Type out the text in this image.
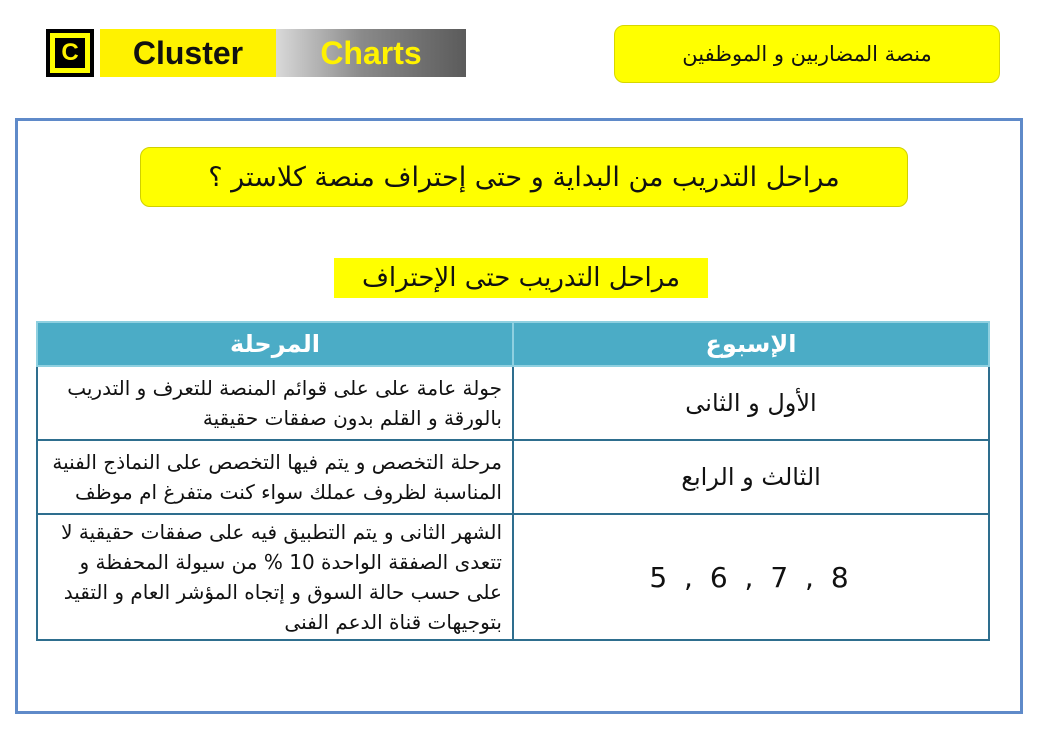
C	Cluster	Charts	منصة المضاربين و الموظفين
مراحل التدريب من البداية و حتى إحتراف منصة كلاستر ؟
مراحل التدريب حتى الإحتراف
الإسبوع	المرحلة
الأول و الثانى	جولة عامة على على قوائم المنصة للتعرف و التدريب بالورقة و القلم بدون صفقات حقيقية
الثالث و الرابع	مرحلة التخصص و يتم فيها التخصص على النماذج الفنية المناسبة لظروف عملك سواء كنت متفرغ ام موظف
5 , 6 , 7 , 8	الشهر الثانى و يتم التطبيق فيه على صفقات حقيقية لا تتعدى الصفقة الواحدة 10 % من سيولة المحفظة و على حسب حالة السوق و إتجاه المؤشر العام و التقيد بتوجيهات قناة الدعم الفنى
